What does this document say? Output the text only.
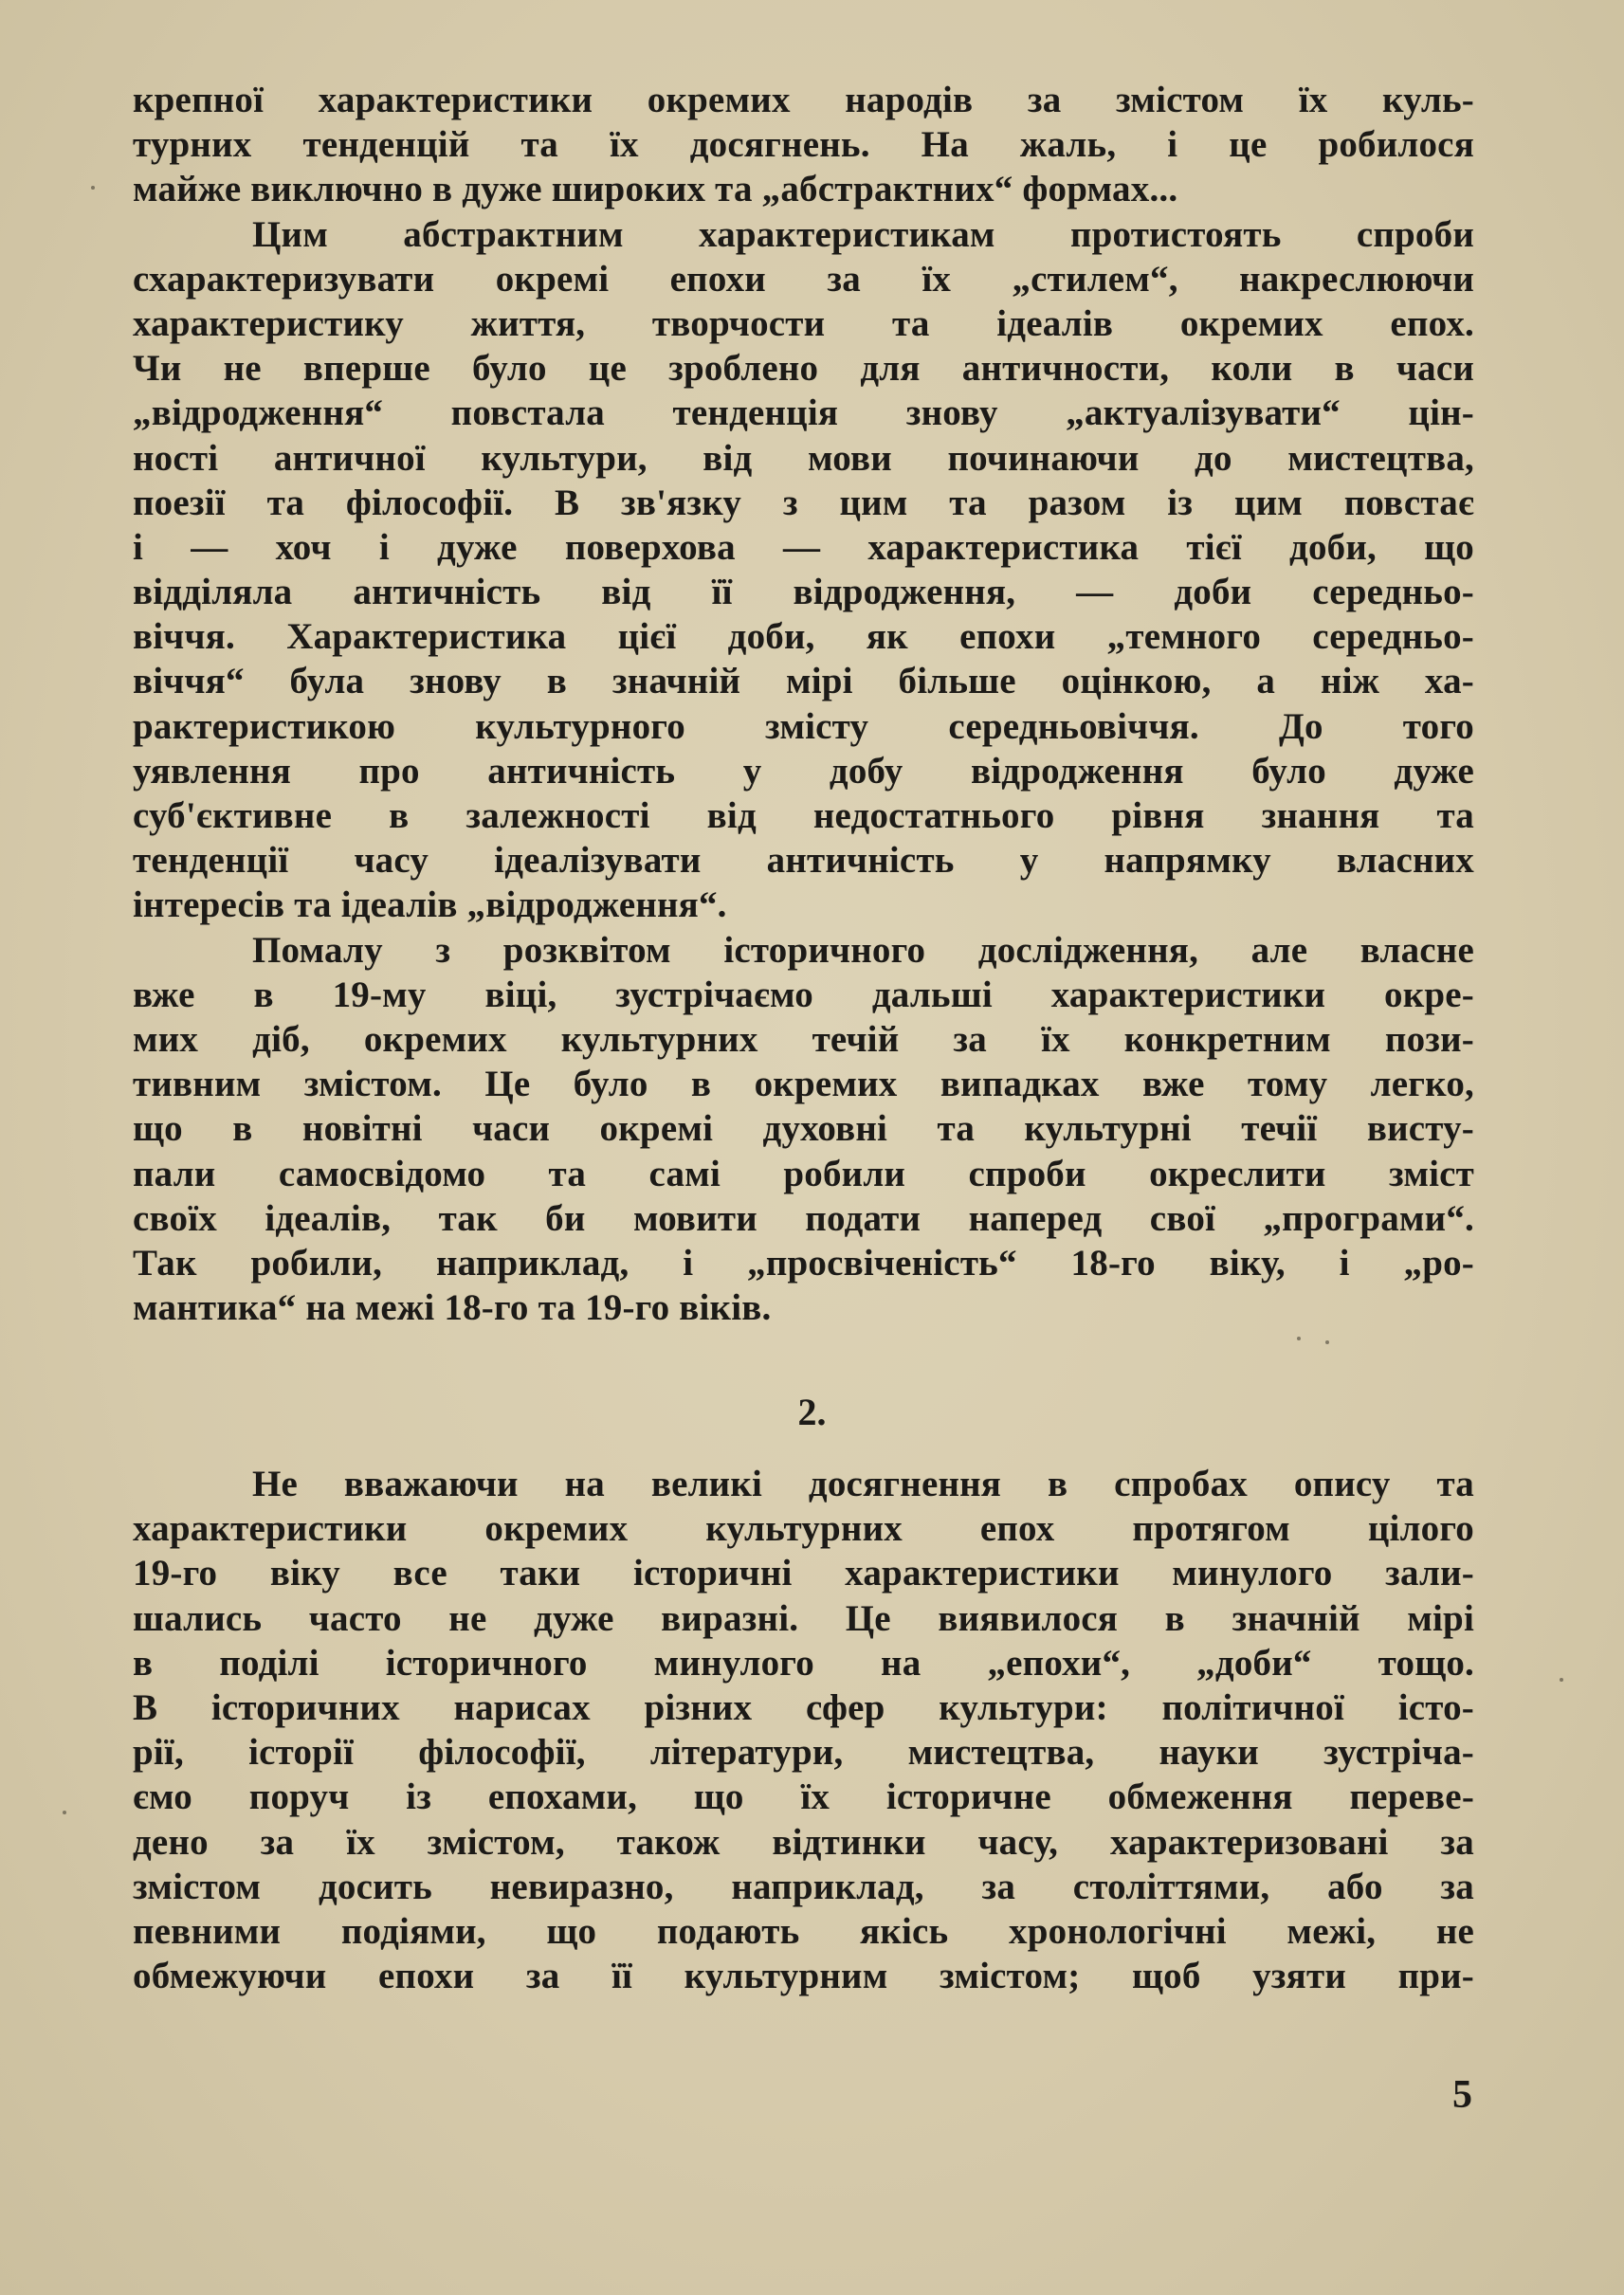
крепної характеристики окремих народів за змістом їх куль-
турних тенденцій та їх досягнень. На жаль, і це робилося
майже виключно в дуже широких та „абстрактних“ формах...
Цим абстрактним характеристикам протистоять спроби
схарактеризувати окремі епохи за їх „стилем“, накреслюючи
характеристику життя, творчости та ідеалів окремих епох.
Чи не вперше було це зроблено для античности, коли в часи
„відродження“ повстала тенденція знову „актуалізувати“ цін-
ності античної культури, від мови починаючи до мистецтва,
поезії та філософії. В зв'язку з цим та разом із цим повстає
і — хоч і дуже поверхова — характеристика тієї доби, що
відділяла античність від її відродження, — доби середньо-
віччя. Характеристика цієї доби, як епохи „темного середньо-
віччя“ була знову в значній мірі більше оцінкою, а ніж ха-
рактеристикою культурного змісту середньовіччя. До того
уявлення про античність у добу відродження було дуже
суб'єктивне в залежності від недостатнього рівня знання та
тенденції часу ідеалізувати античність у напрямку власних
інтересів та ідеалів „відродження“.
Помалу з розквітом історичного дослідження, але власне
вже в 19-му віці, зустрічаємо дальші характеристики окре-
мих діб, окремих культурних течій за їх конкретним пози-
тивним змістом. Це було в окремих випадках вже тому легко,
що в новітні часи окремі духовні та культурні течії висту-
пали самосвідомо та самі робили спроби окреслити зміст
своїх ідеалів, так би мовити подати наперед свої „програми“.
Так робили, наприклад, і „просвіченість“ 18-го віку, і „ро-
мантика“ на межі 18-го та 19-го віків.
2.
Не вважаючи на великі досягнення в спробах опису та
характеристики окремих культурних епох протягом цілого
19-го віку все таки історичні характеристики минулого зали-
шались часто не дуже виразні. Це виявилося в значній мірі
в поділі історичного минулого на „епохи“, „доби“ тощо.
В історичних нарисах різних сфер культури: політичної істо-
рії, історії філософії, літератури, мистецтва, науки зустріча-
ємо поруч із епохами, що їх історичне обмеження переве-
дено за їх змістом, також відтинки часу, характеризовані за
змістом досить невиразно, наприклад, за століттями, або за
певними подіями, що подають якісь хронологічні межі, не
обмежуючи епохи за її культурним змістом; щоб узяти при-
5
